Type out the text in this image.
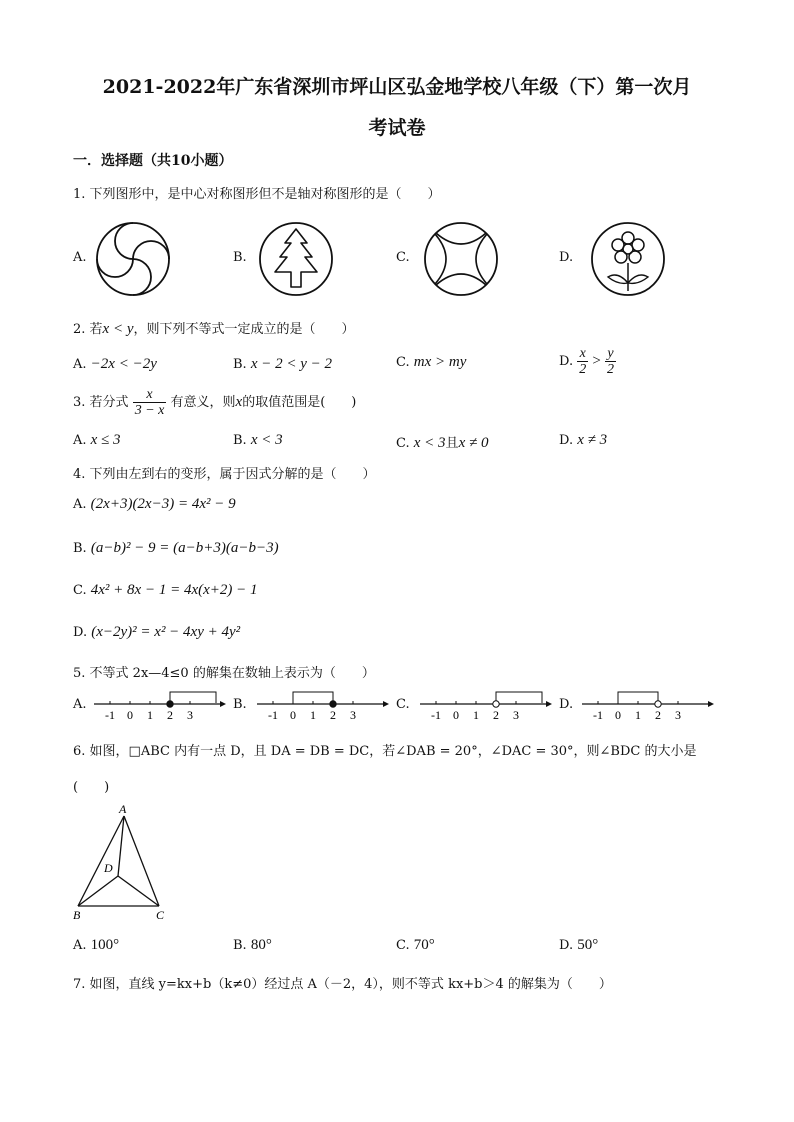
2021-2022年广东省深圳市坪山区弘金地学校八年级（下）第一次月
考试卷
一．选择题（共10小题）
1. 下列图形中，是中心对称图形但不是轴对称图形的是（　　）
A.	B.	C.	D.
2. 若x < y，则下列不等式一定成立的是（　　）
A. −2x < −2y	B. x − 2 < y − 2	C. mx > my	D. $\frac{x}{2} > \frac{y}{2}$
3. 若分式 $\frac{x}{3 - x}$ 有意义，则x的取值范围是(　　)
A. x ≤ 3	B. x < 3	C. x < 3且x ≠ 0	D. x ≠ 3
4. 下列由左到右的变形，属于因式分解的是（　　）
A. (2x+3)(2x−3) = 4x² − 9
B. (a−b)² − 9 = (a−b+3)(a−b−3)
C. 4x² + 8x − 1 = 4x(x+2) − 1
D. (x−2y)² = x² − 4xy + 4y²
5. 不等式 2x—4≤0 的解集在数轴上表示为（　　）
A.	B.	C.	D.
-1 0 1 2 3	-1 0 1 2 3	-1 0 1 2 3	-1 0 1 2 3
6. 如图，□ABC 内有一点 D，且 DA = DB = DC，若∠DAB = 20°，∠DAC = 30°，则∠BDC 的大小是
(　　)
A
B	C
D
A. 100°	B. 80°	C. 70°	D. 50°
7. 如图，直线 y=kx+b（k≠0）经过点 A（－2，4），则不等式 kx+b＞4 的解集为（　　）
